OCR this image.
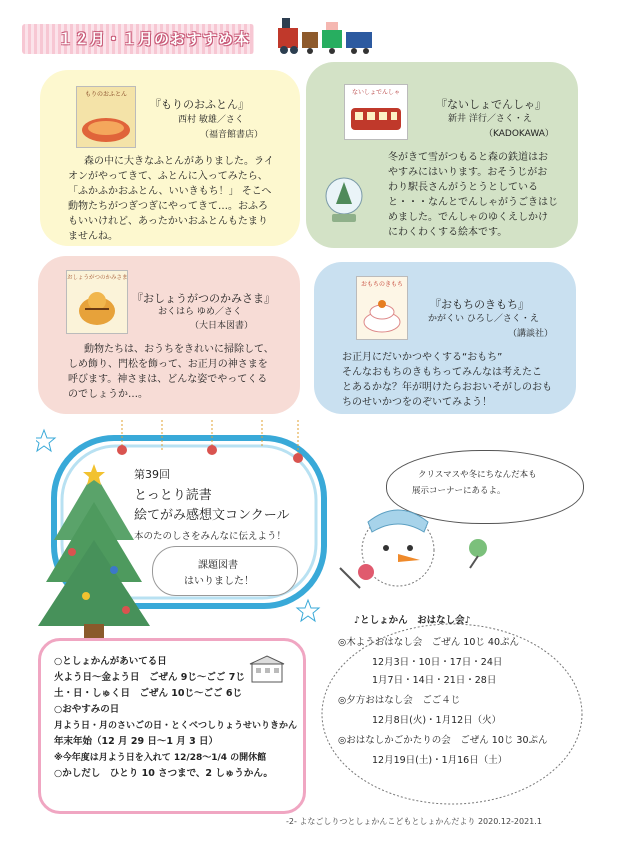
１２月・１月のおすすめ本
もりのおふとん
『もりのおふとん』
西村 敏雄／さく
（福音館書店）
森の中に大きなふとんがありました。ライ
オンがやってきて、ふとんに入ってみたら、
「ふかふかおふとん、いいきもち！」 そこへ
動物たちがつぎつぎにやってきて…。おふろ
もいいけれど、あったかいおふとんもたまり
ませんね。
ないしょでんしゃ
『ないしょでんしゃ』
新井 洋行／さく・え
（KADOKAWA）
冬がきて雪がつもると森の鉄道はお
やすみにはいります。おそうじがお
わり駅長さんがうとうとしている
と・・・なんとでんしゃがうごきはじ
めました。でんしゃのゆくえしかけ
にわくわくする絵本です。
おしょうがつのかみさま
『おしょうがつのかみさま』
おくはら ゆめ／さく
（大日本図書）
動物たちは、おうちをきれいに掃除して、
しめ飾り、門松を飾って、お正月の神さまを
呼びます。神さまは、どんな姿でやってくる
のでしょうか…。
おもちのきもち
『おもちのきもち』
かがくい ひろし／さく・え
（講談社）
お正月にだいかつやくする“おもち”
そんなおもちのきもちってみんなは考えたこ
とあるかな？年が明けたらおおいそがしのおも
ちのせいかつをのぞいてみよう！
第39回
とっとり読書
絵てがみ感想文コンクール
本のたのしさをみんなに伝えよう！
課題図書
はいりました！
クリスマスや冬にちなんだ本も
展示コーナーにあるよ。
♪としょかん　おはなし会♪
◎木ようおはなし会　ごぜん 10じ 40ぷん
12月3日・10日・17日・24日
1月7日・14日・21日・28日
◎夕方おはなし会　ごご４じ
12月8日(火)・1月12日（火）
◎おはなしかごかたりの会　ごぜん 10じ 30ぷん
12月19日(土)・1月16日（土）
○としょかんがあいてる日
火よう日～金よう日　ごぜん 9じ～ごご 7じ
土・日・しゅく日　ごぜん 10じ～ごご 6じ
○おやすみの日
月よう日・月のさいごの日・とくべつしりょうせいりきかん
年末年始（12 月 29 日～1 月 3 日）
※今年度は月よう日を入れて 12/28～1/4 の開休館
○かしだし　ひとり 10 さつまで、2 しゅうかん。
-2- よなごしりつとしょかんこどもとしょかんだより 2020.12-2021.1
